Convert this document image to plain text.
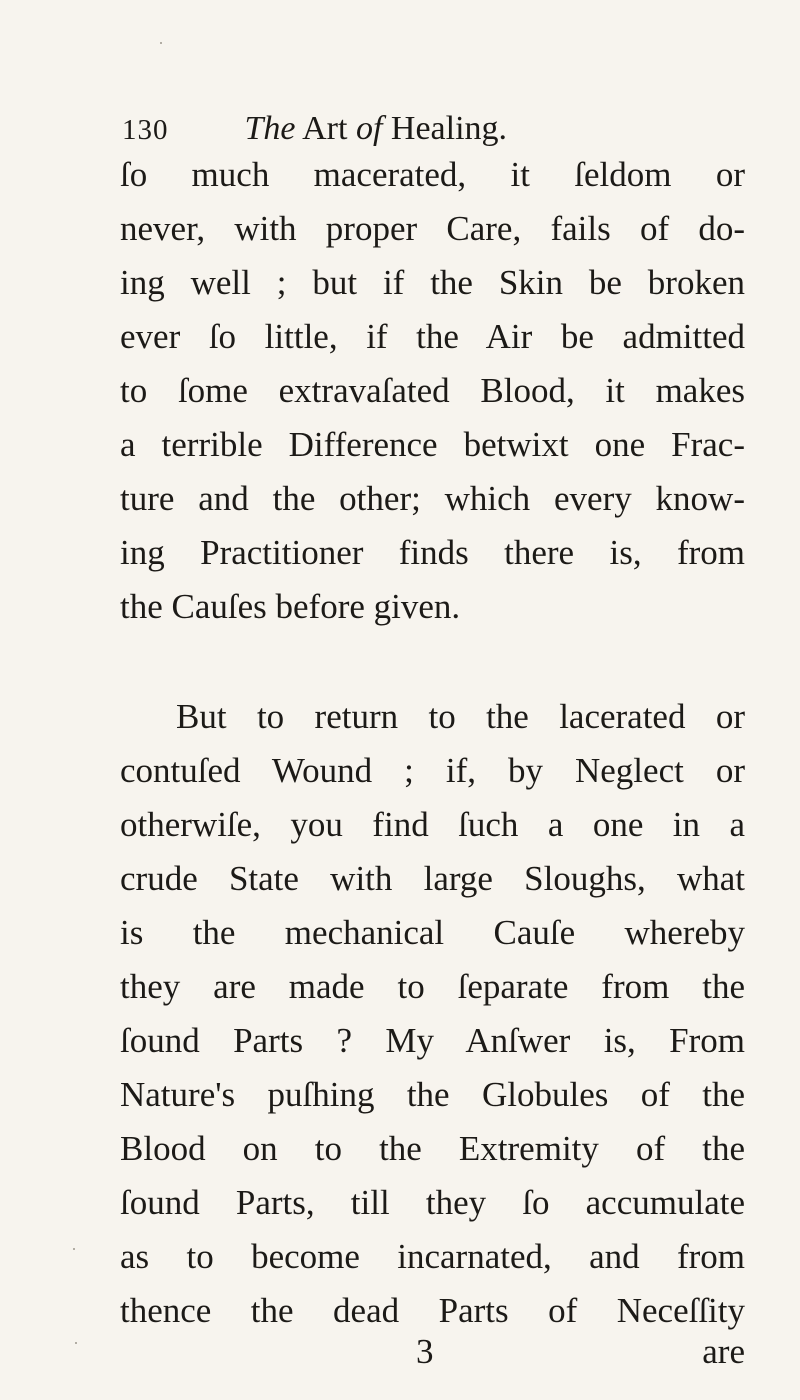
130 The Art of Healing.
ſo much macerated, it ſeldom or
never, with proper Care, fails of do-
ing well ; but if the Skin be broken
ever ſo little, if the Air be admitted
to ſome extravaſated Blood, it makes
a terrible Difference betwixt one Frac-
ture and the other; which every know-
ing Practitioner finds there is, from
the Cauſes before given.
But to return to the lacerated or
contuſed Wound ; if, by Neglect or
otherwiſe, you find ſuch a one in a
crude State with large Sloughs, what
is the mechanical Cauſe whereby
they are made to ſeparate from the
ſound Parts ? My Anſwer is, From
Nature's puſhing the Globules of the
Blood on to the Extremity of the
ſound Parts, till they ſo accumulate
as to become incarnated, and from
thence the dead Parts of Neceſſity
3	are
